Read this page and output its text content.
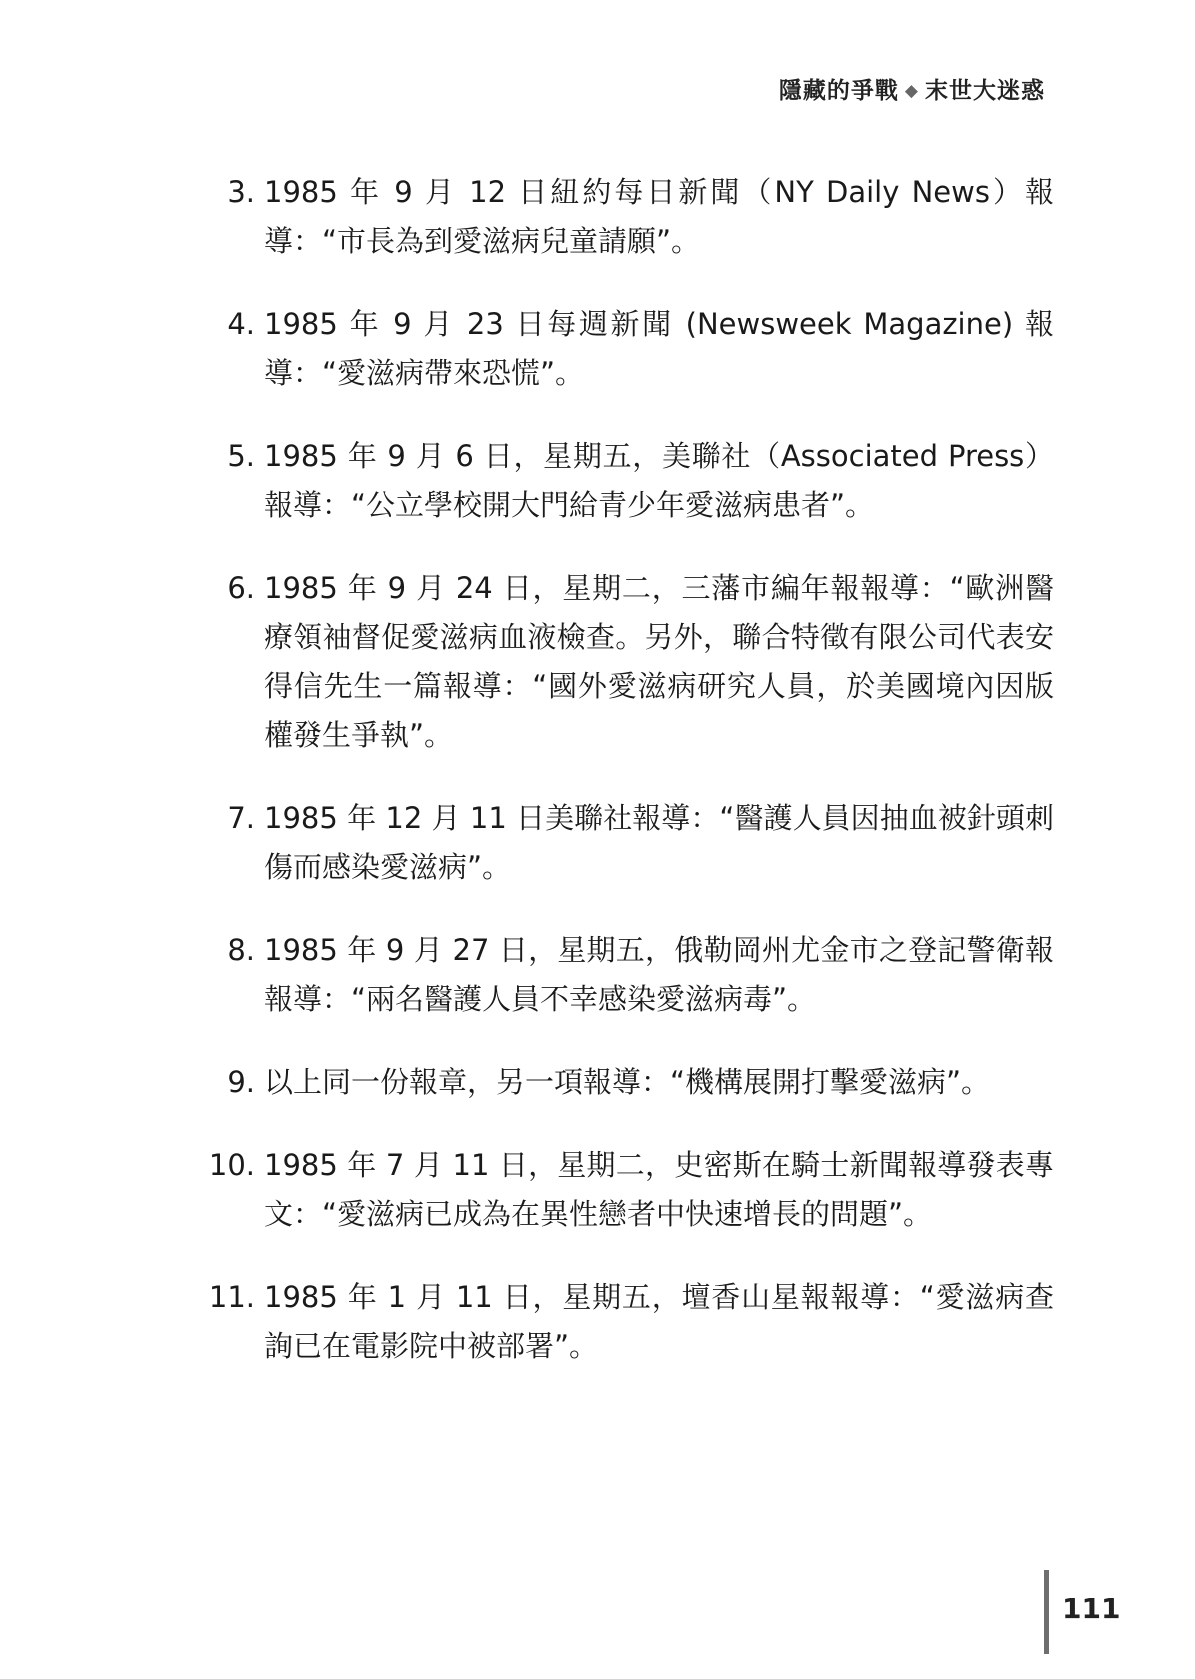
隱藏的爭戰 ◆ 末世大迷惑
3. 1985 年 9 月 12 日紐約每日新聞（NY Daily News）報導：“市長為到愛滋病兒童請願”。
4. 1985 年 9 月 23 日每週新聞 (Newsweek Magazine) 報導：“愛滋病帶來恐慌”。
5. 1985 年 9 月 6 日，星期五，美聯社（Associated Press）報導：“公立學校開大門給青少年愛滋病患者”。
6. 1985 年 9 月 24 日，星期二，三藩市編年報報導：“歐洲醫療領袖督促愛滋病血液檢查。另外，聯合特徵有限公司代表安得信先生一篇報導：“國外愛滋病研究人員，於美國境內因版權發生爭執”。
7. 1985 年 12 月 11 日美聯社報導：“醫護人員因抽血被針頭刺傷而感染愛滋病”。
8. 1985 年 9 月 27 日，星期五，俄勒岡州尤金市之登記警衛報報導：“兩名醫護人員不幸感染愛滋病毒”。
9. 以上同一份報章，另一項報導：“機構展開打擊愛滋病”。
10. 1985 年 7 月 11 日，星期二，史密斯在騎士新聞報導發表專文：“愛滋病已成為在異性戀者中快速增長的問題”。
11. 1985 年 1 月 11 日，星期五，壇香山星報報導：“愛滋病查詢已在電影院中被部署”。
111
